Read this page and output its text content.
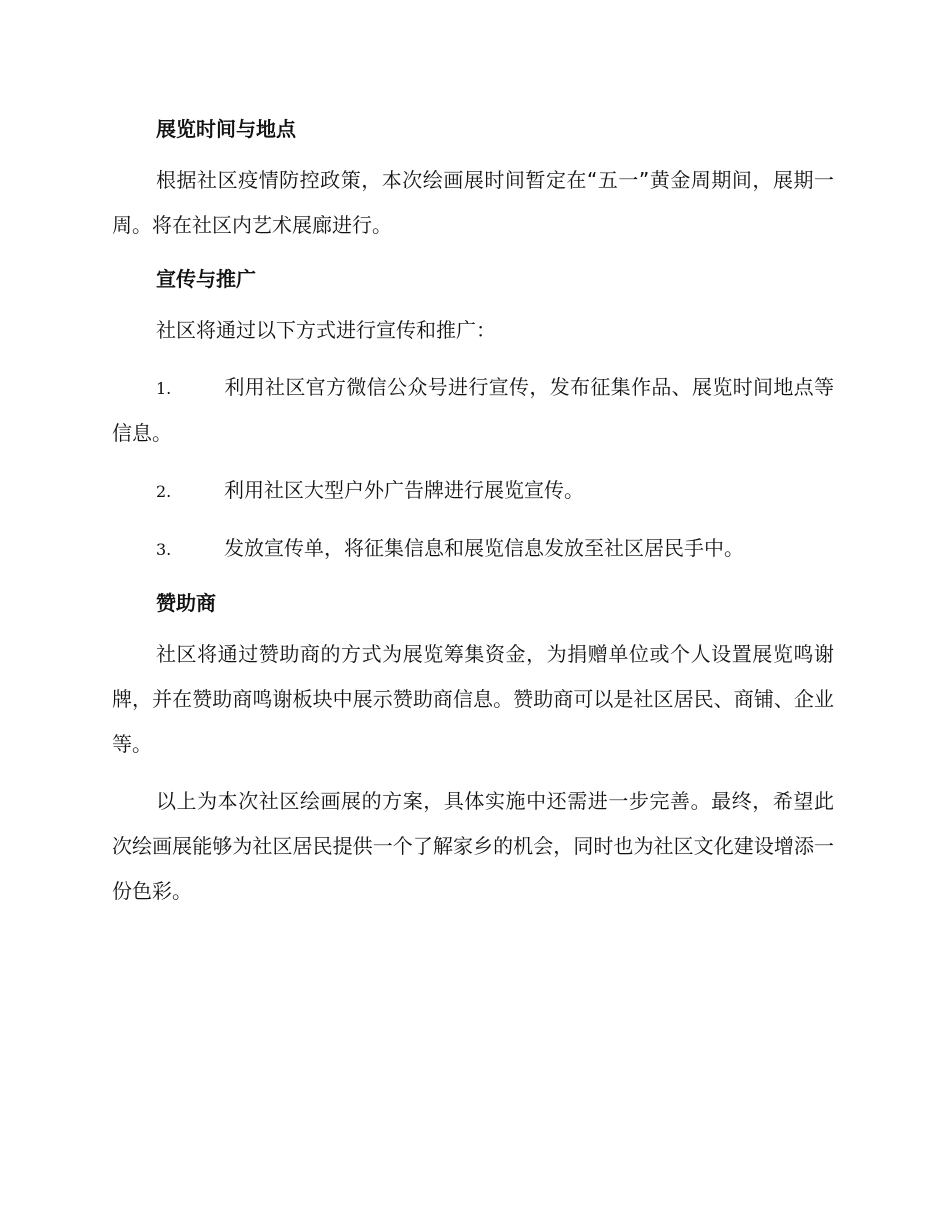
展览时间与地点

根据社区疫情防控政策，本次绘画展时间暂定在“五一”黄金周期间，展期一周。将在社区内艺术展廊进行。

宣传与推广

社区将通过以下方式进行宣传和推广：

1.	利用社区官方微信公众号进行宣传，发布征集作品、展览时间地点等信息。

2.	利用社区大型户外广告牌进行展览宣传。

3.	发放宣传单，将征集信息和展览信息发放至社区居民手中。

赞助商

社区将通过赞助商的方式为展览筹集资金，为捐赠单位或个人设置展览鸣谢牌，并在赞助商鸣谢板块中展示赞助商信息。赞助商可以是社区居民、商铺、企业等。

以上为本次社区绘画展的方案，具体实施中还需进一步完善。最终，希望此次绘画展能够为社区居民提供一个了解家乡的机会，同时也为社区文化建设增添一份色彩。
